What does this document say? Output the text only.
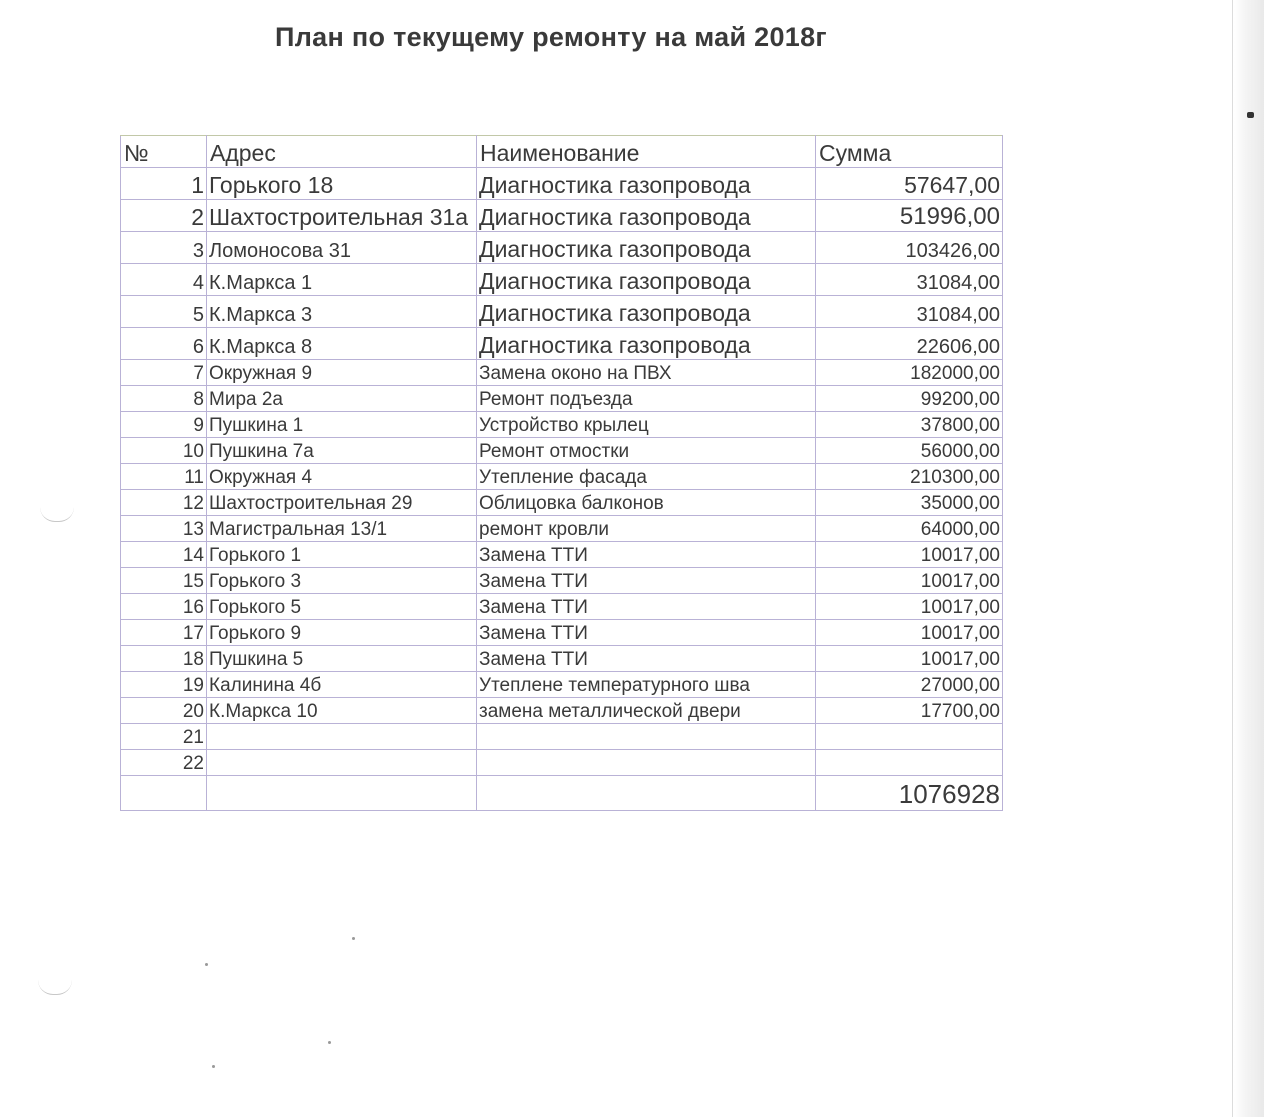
План по текущему ремонту на май 2018г
№	Адрес	Наименование	Сумма
1	Горького 18	Диагностика газопровода	57647,00
2	Шахтостроительная 31а	Диагностика газопровода	51996,00
3	Ломоносова 31	Диагностика газопровода	103426,00
4	К.Маркса 1	Диагностика газопровода	31084,00
5	К.Маркса 3	Диагностика газопровода	31084,00
6	К.Маркса 8	Диагностика газопровода	22606,00
7	Окружная 9	Замена оконо на ПВХ	182000,00
8	Мира 2а	Ремонт подъезда	99200,00
9	Пушкина 1	Устройство крылец	37800,00
10	Пушкина 7а	Ремонт отмостки	56000,00
11	Окружная 4	Утепление фасада	210300,00
12	Шахтостроительная 29	Облицовка балконов	35000,00
13	Магистральная 13/1	ремонт кровли	64000,00
14	Горького 1	Замена ТТИ	10017,00
15	Горького 3	Замена ТТИ	10017,00
16	Горького 5	Замена ТТИ	10017,00
17	Горького 9	Замена ТТИ	10017,00
18	Пушкина 5	Замена ТТИ	10017,00
19	Калинина 4б	Утеплене температурного шва	27000,00
20	К.Маркса 10	замена металлической двери	17700,00
21			
22			
			1076928
